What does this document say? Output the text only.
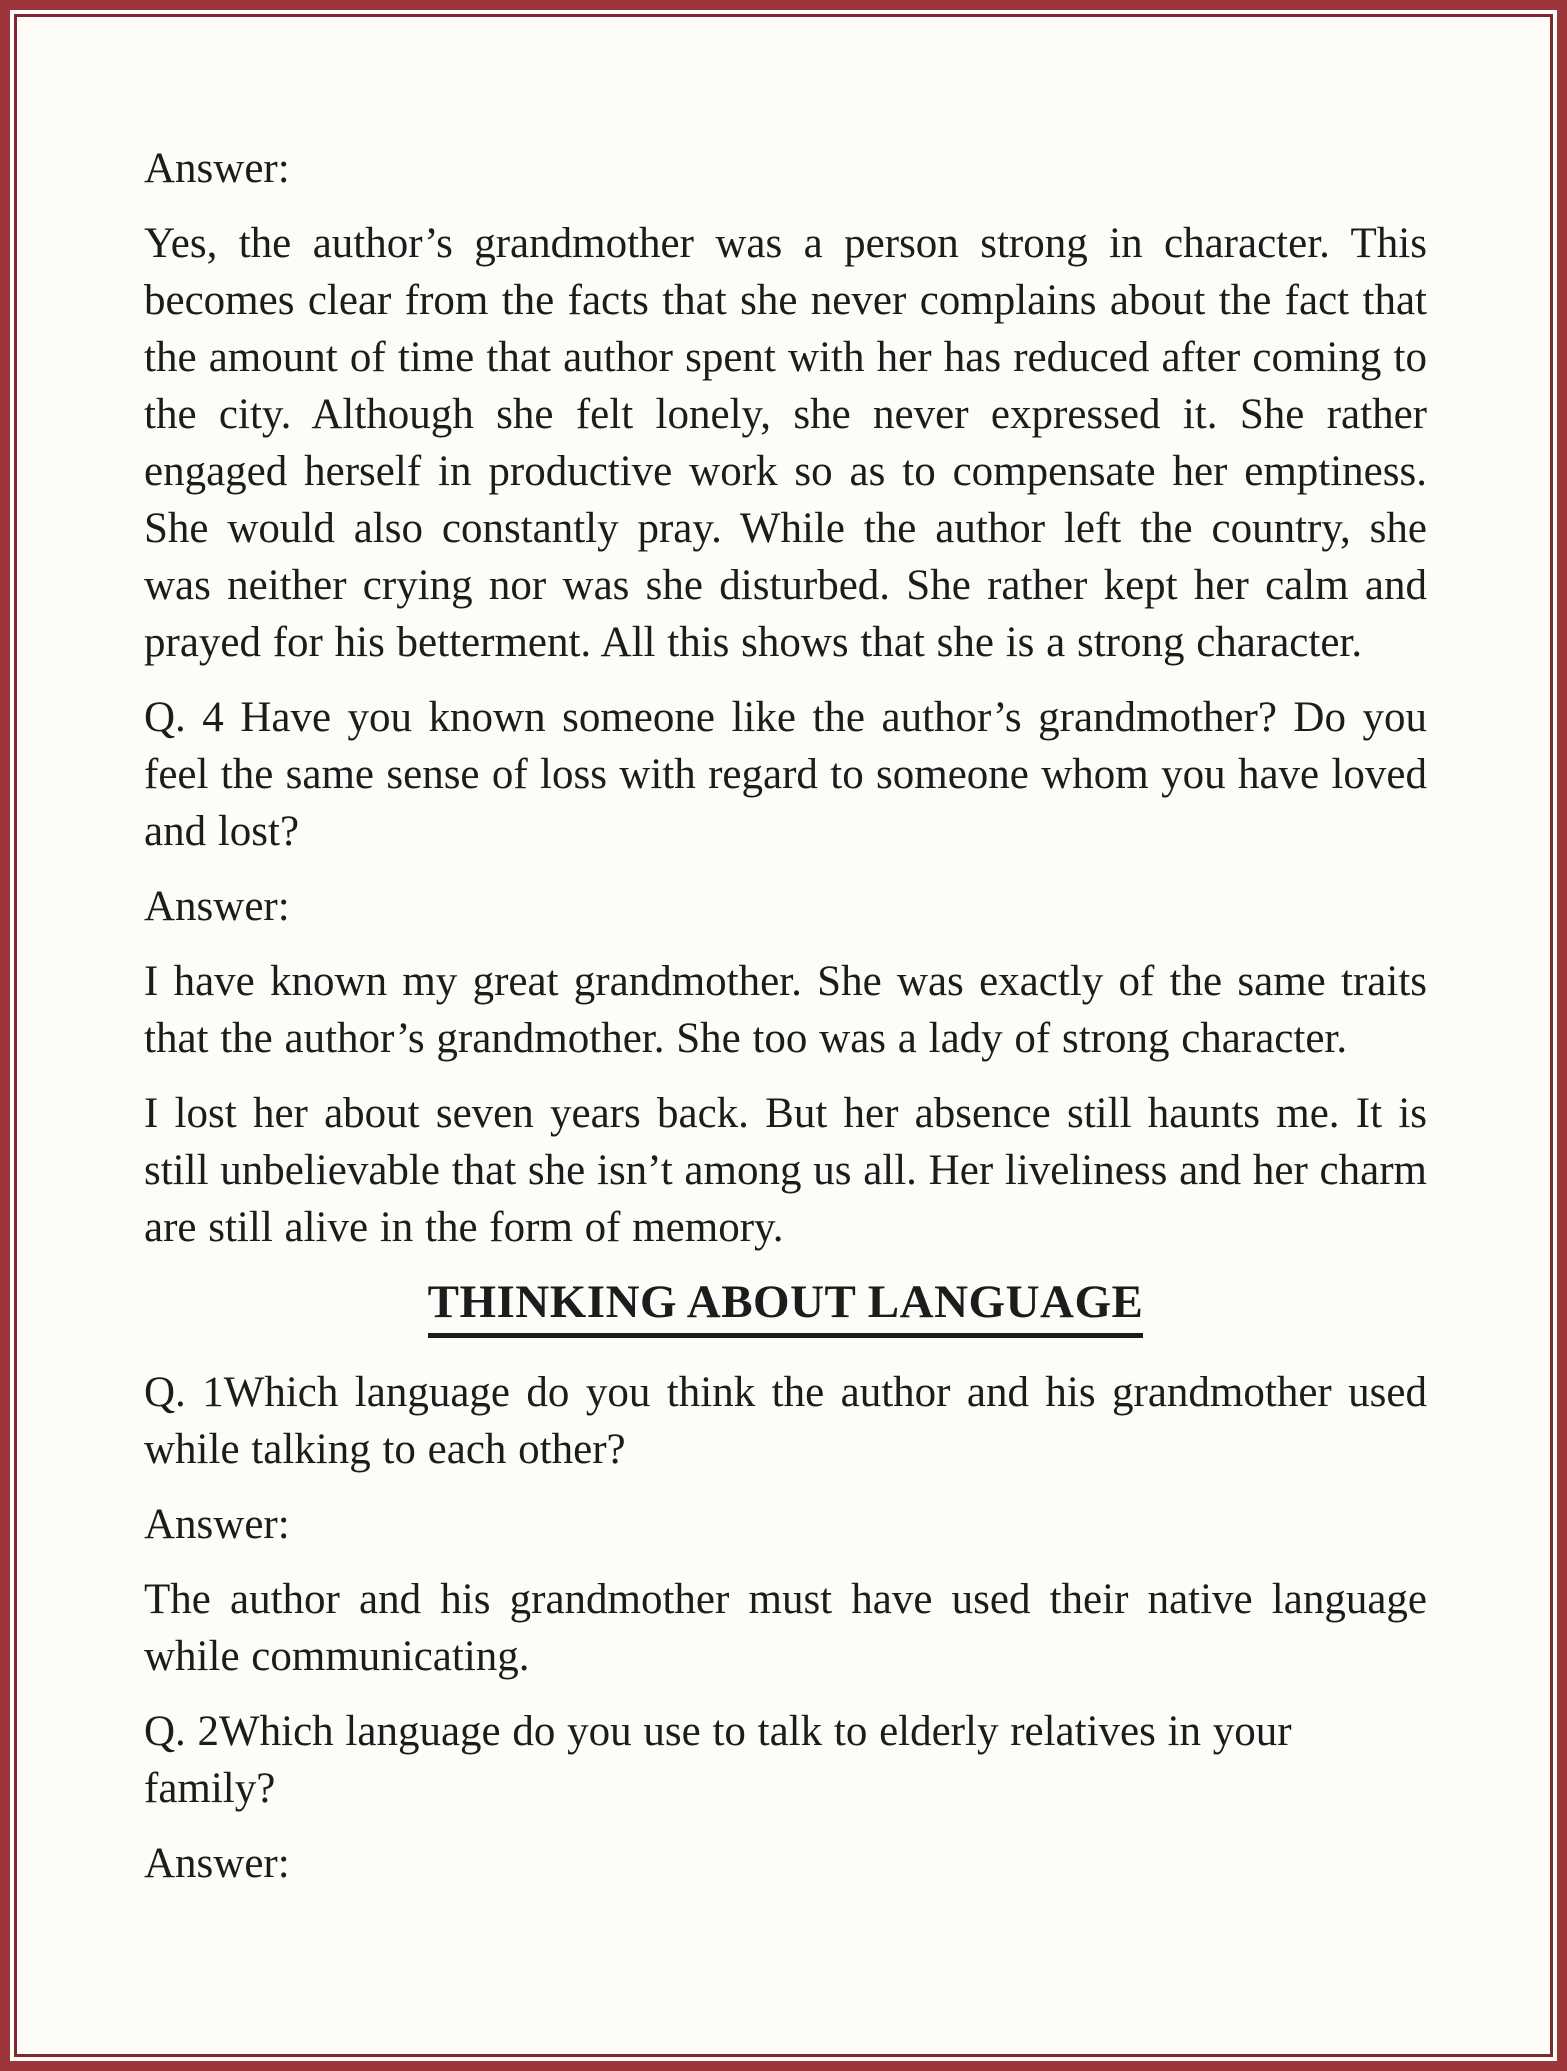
Answer:

Yes, the author’s grandmother was a person strong in character. This becomes clear from the facts that she never complains about the fact that the amount of time that author spent with her has reduced after coming to the city. Although she felt lonely, she never expressed it. She rather engaged herself in productive work so as to compensate her emptiness. She would also constantly pray. While the author left the country, she was neither crying nor was she disturbed. She rather kept her calm and prayed for his betterment. All this shows that she is a strong character.

Q. 4 Have you known someone like the author’s grandmother? Do you feel the same sense of loss with regard to someone whom you have loved and lost?

Answer:

I have known my great grandmother. She was exactly of the same traits that the author’s grandmother. She too was a lady of strong character.

I lost her about seven years back. But her absence still haunts me. It is still unbelievable that she isn’t among us all. Her liveliness and her charm are still alive in the form of memory.

THINKING ABOUT LANGUAGE

Q. 1Which language do you think the author and his grandmother used while talking to each other?

Answer:

The author and his grandmother must have used their native language while communicating.

Q. 2Which language do you use to talk to elderly relatives in your family?

Answer:
